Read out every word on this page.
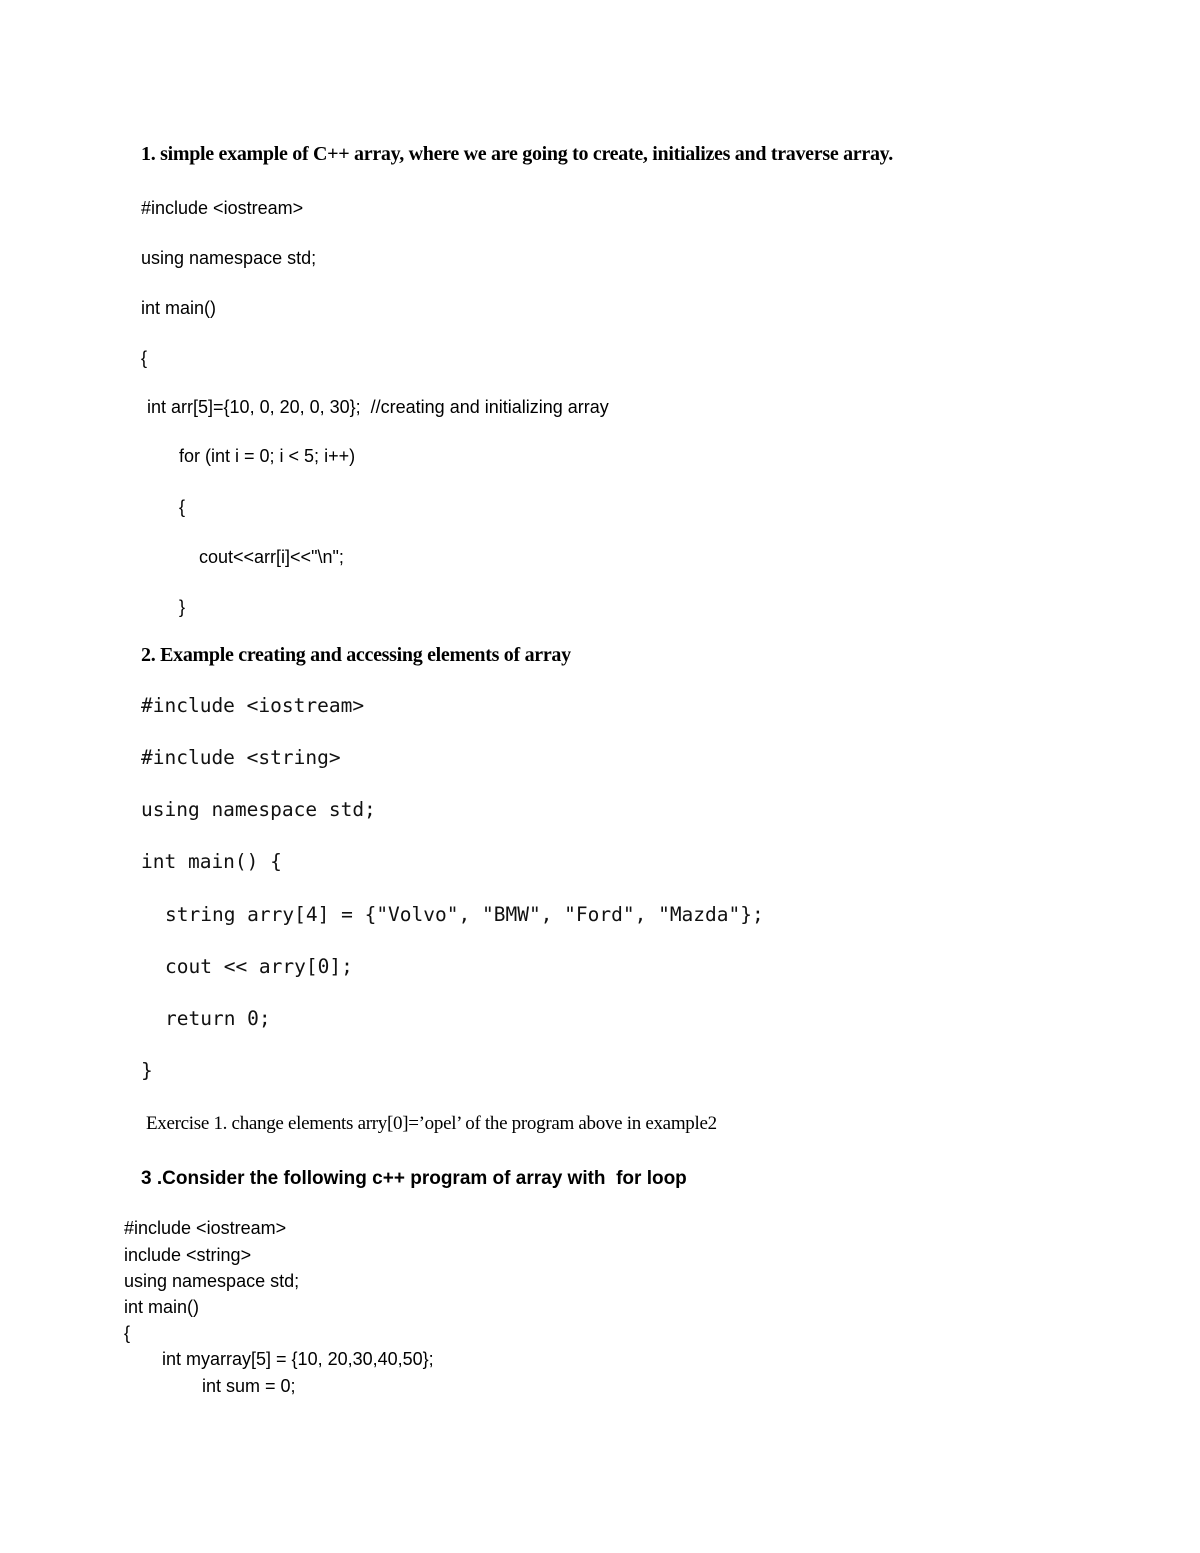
1. simple example of C++ array, where we are going to create, initializes and traverse array.
#include <iostream>
using namespace std;
int main()
{
int arr[5]={10, 0, 20, 0, 30};  //creating and initializing array
for (int i = 0; i < 5; i++)
{
cout<<arr[i]<<"\n";
}
2. Example creating and accessing elements of array
#include <iostream>
#include <string>
using namespace std;
int main() {
string arry[4] = {"Volvo", "BMW", "Ford", "Mazda"};
cout << arry[0];
return 0;
}
Exercise 1. change elements arry[0]=’opel’ of the program above in example2
3 .Consider the following c++ program of array with  for loop
#include <iostream>
include <string>
using namespace std;
int main()
{
int myarray[5] = {10, 20,30,40,50};
int sum = 0;
